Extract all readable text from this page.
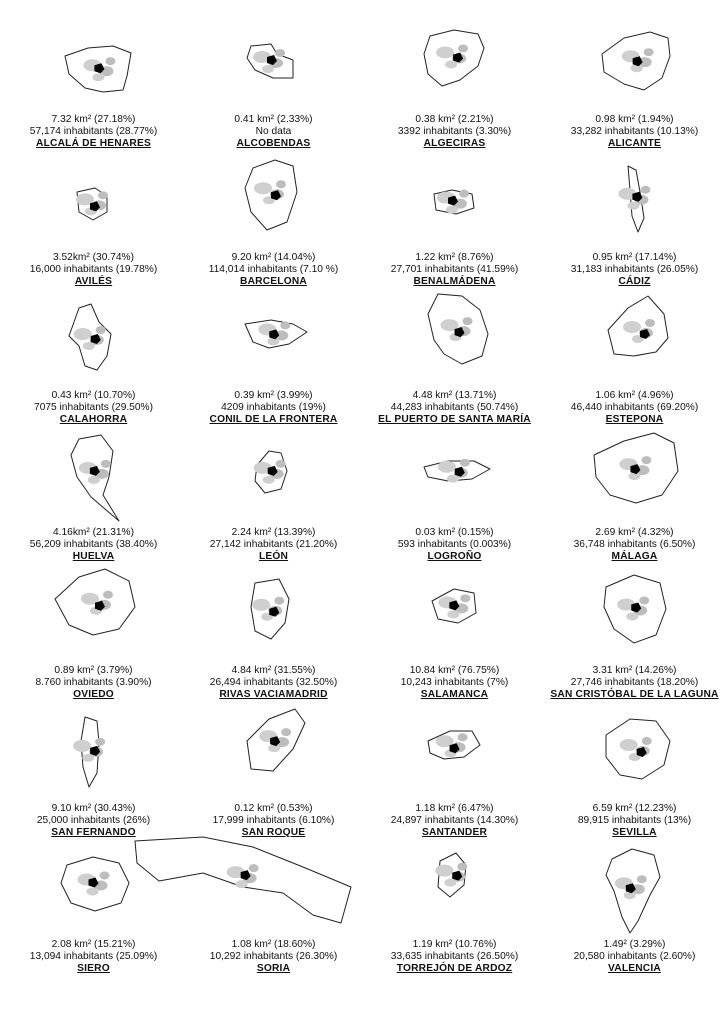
7.32 km² (27.18%)
57,174 inhabitants (28.77%)
ALCALÁ DE HENARES
0.41 km² (2.33%)
No data
ALCOBENDAS
0.38 km² (2.21%)
3392 inhabitants (3.30%)
ALGECIRAS
0.98 km² (1.94%)
33,282 inhabitants (10.13%)
ALICANTE
3.52km² (30.74%)
16,000 inhabitants (19.78%)
AVILÉS
9.20 km² (14.04%)
114,014 inhabitants (7.10 %)
BARCELONA
1.22 km² (8.76%)
27,701 inhabitants (41.59%)
BENALMÁDENA
0.95 km² (17.14%)
31,183 inhabitants (26.05%)
CÁDIZ
0.43 km² (10.70%)
7075 inhabitants (29.50%)
CALAHORRA
0.39 km² (3.99%)
4209 inhabitants (19%)
CONIL DE LA FRONTERA
4.48 km² (13.71%)
44,283 inhabitants (50.74%)
EL PUERTO DE SANTA MARÍA
1.06 km² (4.96%)
46,440 inhabitants (69.20%)
ESTEPONA
4.16km² (21.31%)
56,209 inhabitants (38.40%)
HUELVA
2.24 km² (13.39%)
27,142 inhabitants (21.20%)
LEÓN
0.03 km² (0.15%)
593 inhabitants (0.003%)
LOGROÑO
2.69 km² (4.32%)
36,748 inhabitants (6.50%)
MÁLAGA
0.89 km² (3.79%)
8.760 inhabitants (3.90%)
OVIEDO
4.84 km² (31.55%)
26,494 inhabitants (32.50%)
RIVAS VACIAMADRID
10.84 km² (76.75%)
10,243 inhabitants (7%)
SALAMANCA
3.31 km² (14.26%)
27,746 inhabitants (18.20%)
SAN CRISTÓBAL DE LA LAGUNA
9.10 km² (30.43%)
25,000 inhabitants (26%)
SAN FERNANDO
0.12 km² (0.53%)
17,999 inhabitants (6.10%)
SAN ROQUE
1.18 km² (6.47%)
24,897 inhabitants (14.30%)
SANTANDER
6.59 km² (12.23%)
89,915 inhabitants (13%)
SEVILLA
2.08 km² (15.21%)
13,094 inhabitants (25.09%)
SIERO
1.08 km² (18.60%)
10,292 inhabitants (26.30%)
SORIA
1.19 km² (10.76%)
33,635 inhabitants (26.50%)
TORREJÓN DE ARDOZ
1.49² (3.29%)
20,580 inhabitants (2.60%)
VALENCIA
